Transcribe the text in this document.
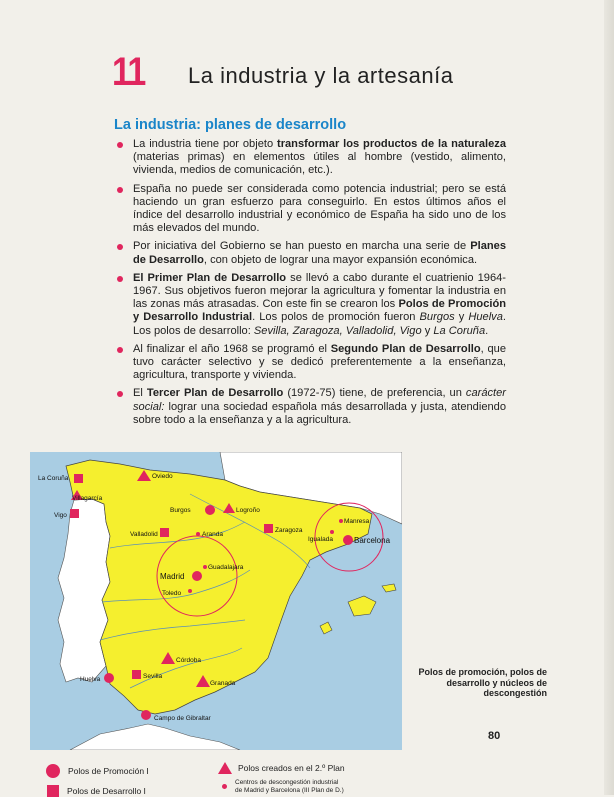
11 La industria y la artesanía
La industria: planes de desarrollo
La industria tiene por objeto transformar los productos de la naturaleza (materias primas) en elementos útiles al hombre (vestido, alimento, vivienda, medios de comunicación, etc.).
España no puede ser considerada como potencia industrial; pero se está haciendo un gran esfuerzo para conseguirlo. En estos últimos años el índice del desarrollo industrial y económico de España ha sido uno de los más elevados del mundo.
Por iniciativa del Gobierno se han puesto en marcha una serie de Planes de Desarrollo, con objeto de lograr una mayor expansión económica.
El Primer Plan de Desarrollo se llevó a cabo durante el cuatrienio 1964-1967. Sus objetivos fueron mejorar la agricultura y fomentar la industria en las zonas más atrasadas. Con este fin se crearon los Polos de Promoción y Desarrollo Industrial. Los polos de promoción fueron Burgos y Huelva. Los polos de desarrollo: Sevilla, Zaragoza, Valladolid, Vigo y La Coruña.
Al finalizar el año 1968 se programó el Segundo Plan de Desarrollo, que tuvo carácter selectivo y se dedicó preferentemente a la enseñanza, agricultura, transporte y vivienda.
El Tercer Plan de Desarrollo (1972-75) tiene, de preferencia, un carácter social: lograr una sociedad española más desarrollada y justa, atendiendo sobre todo a la enseñanza y a la agricultura.
La Coruña
Villagarcía
Vigo
Oviedo
Burgos	Logroño
Valladolid	Aranda
Zaragoza
Manresa
Igualada	Barcelona
Madrid
Guadalajara
Toledo
Córdoba
Huelva	Sevilla
Granada
Campo de Gibraltar
Polos de promoción, polos de desarrollo y núcleos de descongestión
80
Polos de Promoción I
Polos de Desarrollo I
Polos creados en el 2.º Plan
Centros de descongestión industrial
de Madrid y Barcelona (III Plan de D.)
